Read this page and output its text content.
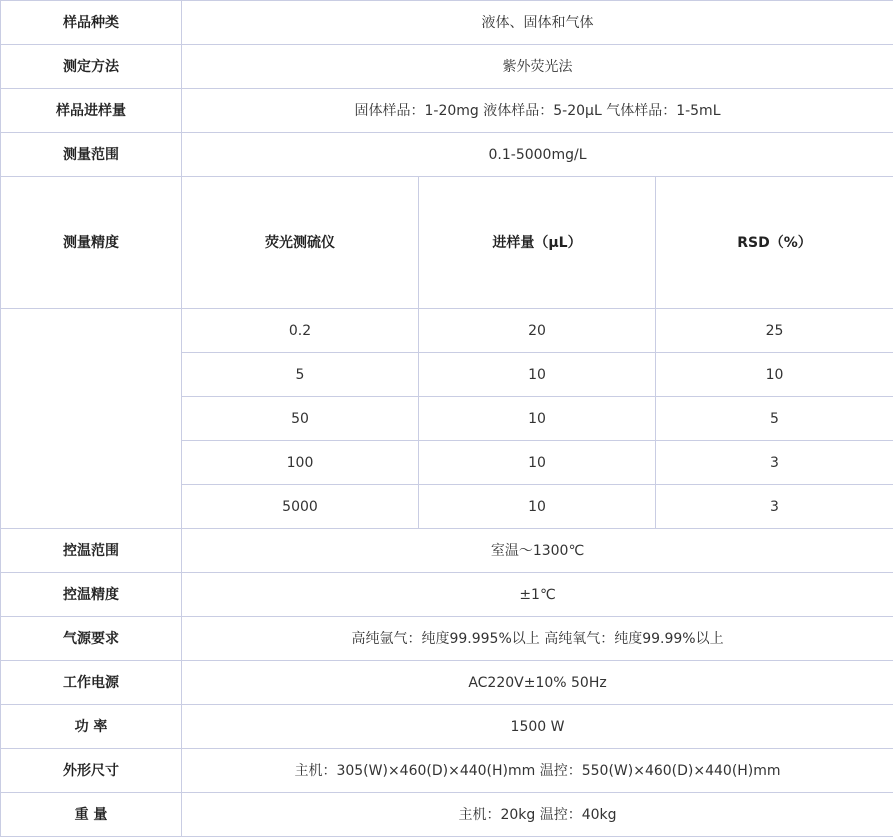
样品种类	液体、固体和气体		
测定方法	紫外荧光法		
样品进样量	固体样品：1-20mg 液体样品：5-20μL 气体样品：1-5mL		
测量范围	0.1-5000mg/L		
测量精度	荧光测硫仪	进样量（μL）	RSD（%）
	0.2	20	25
	5	10	10
	50	10	5
	100	10	3
	5000	10	3
控温范围	室温～1300℃		
控温精度	±1℃		
气源要求	高纯氩气：纯度99.995%以上 高纯氧气：纯度99.99%以上		
工作电源	AC220V±10% 50Hz		
功 率	1500 W		
外形尺寸	主机：305(W)×460(D)×440(H)mm 温控：550(W)×460(D)×440(H)mm		
重 量	主机：20kg 温控：40kg		
